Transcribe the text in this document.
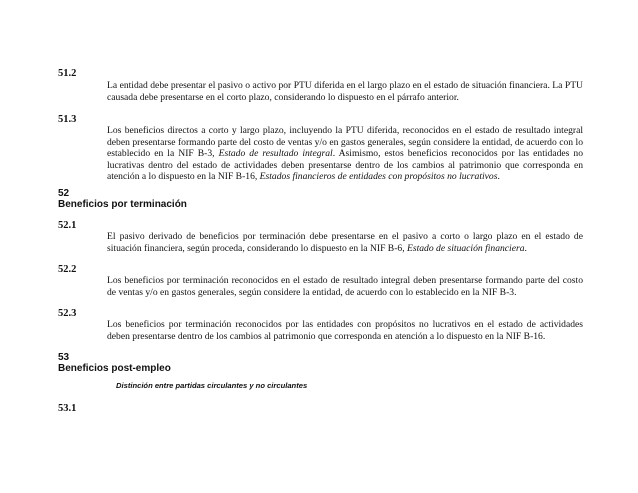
51.2
La entidad debe presentar el pasivo o activo por PTU diferida en el largo plazo en el estado de situación financiera. La PTU causada debe presentarse en el corto plazo, considerando lo dispuesto en el párrafo anterior.
51.3
Los beneficios directos a corto y largo plazo, incluyendo la PTU diferida, reconocidos en el estado de resultado integral deben presentarse formando parte del costo de ventas y/o en gastos generales, según considere la entidad, de acuerdo con lo establecido en la NIF B-3, Estado de resultado integral. Asimismo, estos beneficios reconocidos por las entidades no lucrativas dentro del estado de actividades deben presentarse dentro de los cambios al patrimonio que corresponda en atención a lo dispuesto en la NIF B-16, Estados financieros de entidades con propósitos no lucrativos.
52
Beneficios por terminación
52.1
El pasivo derivado de beneficios por terminación debe presentarse en el pasivo a corto o largo plazo en el estado de situación financiera, según proceda, considerando lo dispuesto en la NIF B-6, Estado de situación financiera.
52.2
Los beneficios por terminación reconocidos en el estado de resultado integral deben presentarse formando parte del costo de ventas y/o en gastos generales, según considere la entidad, de acuerdo con lo establecido en la NIF B-3.
52.3
Los beneficios por terminación reconocidos por las entidades con propósitos no lucrativos en el estado de actividades deben presentarse dentro de los cambios al patrimonio que corresponda en atención a lo dispuesto en la NIF B-16.
53
Beneficios post-empleo
Distinción entre partidas circulantes y no circulantes
53.1
